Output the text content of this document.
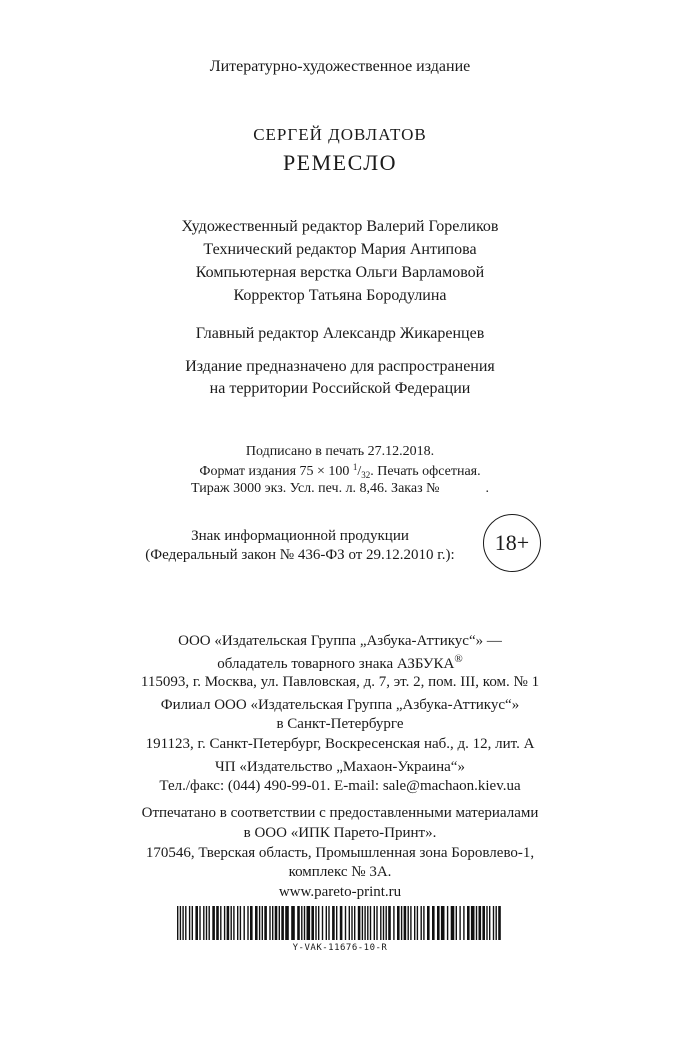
Литературно-художественное издание
СЕРГЕЙ ДОВЛАТОВ
РЕМЕСЛО
Художественный редактор Валерий Гореликов
Технический редактор Мария Антипова
Компьютерная верстка Ольги Варламовой
Корректор Татьяна Бородулина
Главный редактор Александр Жикаренцев
Издание предназначено для распространения
на территории Российской Федерации
Подписано в печать 27.12.2018.
Формат издания 75 × 100 $^1/_{32}$. Печать офсетная.
Тираж 3000 экз. Усл. печ. л. 8,46. Заказ №	.
Знак информационной продукции
(Федеральный закон № 436-ФЗ от 29.12.2010 г.):	18+
ООО «Издательская Группа „Азбука-Аттикус“» —
обладатель товарного знака АЗБУКА®
115093, г. Москва, ул. Павловская, д. 7, эт. 2, пом. III, ком. № 1
Филиал ООО «Издательская Группа „Азбука-Аттикус“»
в Санкт-Петербурге
191123, г. Санкт-Петербург, Воскресенская наб., д. 12, лит. А
ЧП «Издательство „Махаон-Украина“»
Тел./факс: (044) 490-99-01. E-mail: sale@machaon.kiev.ua
Отпечатано в соответствии с предоставленными материалами
в ООО «ИПК Парето-Принт».
170546, Тверская область, Промышленная зона Боровлево-1,
комплекс № 3А.
www.pareto-print.ru
Y-VAK-11676-10-R
